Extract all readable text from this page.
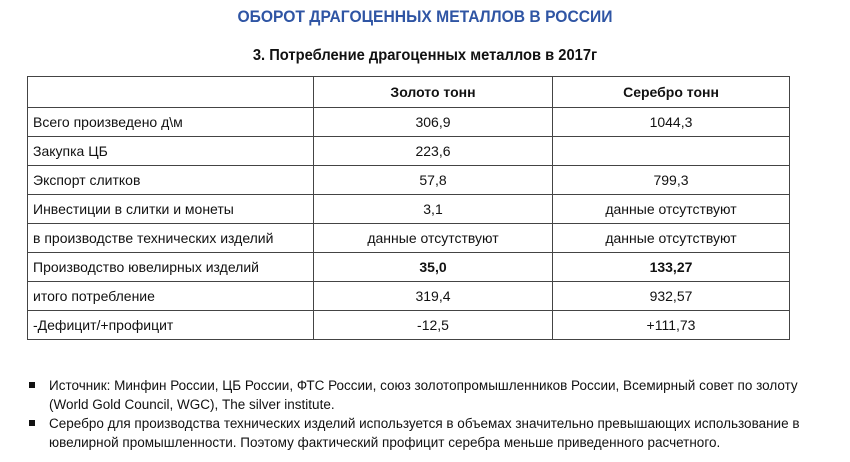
ОБОРОТ ДРАГОЦЕННЫХ МЕТАЛЛОВ В РОССИИ
3. Потребление драгоценных металлов в 2017г
	Золото тонн	Серебро тонн
Всего произведено д\м	306,9	1044,3
Закупка ЦБ	223,6	
Экспорт слитков	57,8	799,3
Инвестиции в слитки и монеты	3,1	данные отсутствуют
в производстве технических изделий	данные отсутствуют	данные отсутствуют
Производство ювелирных изделий	35,0	133,27
итого потребление	319,4	932,57
-Дефицит/+профицит	-12,5	+111,73
Источник: Минфин России, ЦБ России, ФТС России, союз золотопромышленников России, Всемирный совет по золоту (World Gold Council, WGC), The silver institute.
Серебро для производства технических изделий используется в объемах значительно превышающих использование в ювелирной промышленности. Поэтому фактический профицит серебра меньше приведенного расчетного.
